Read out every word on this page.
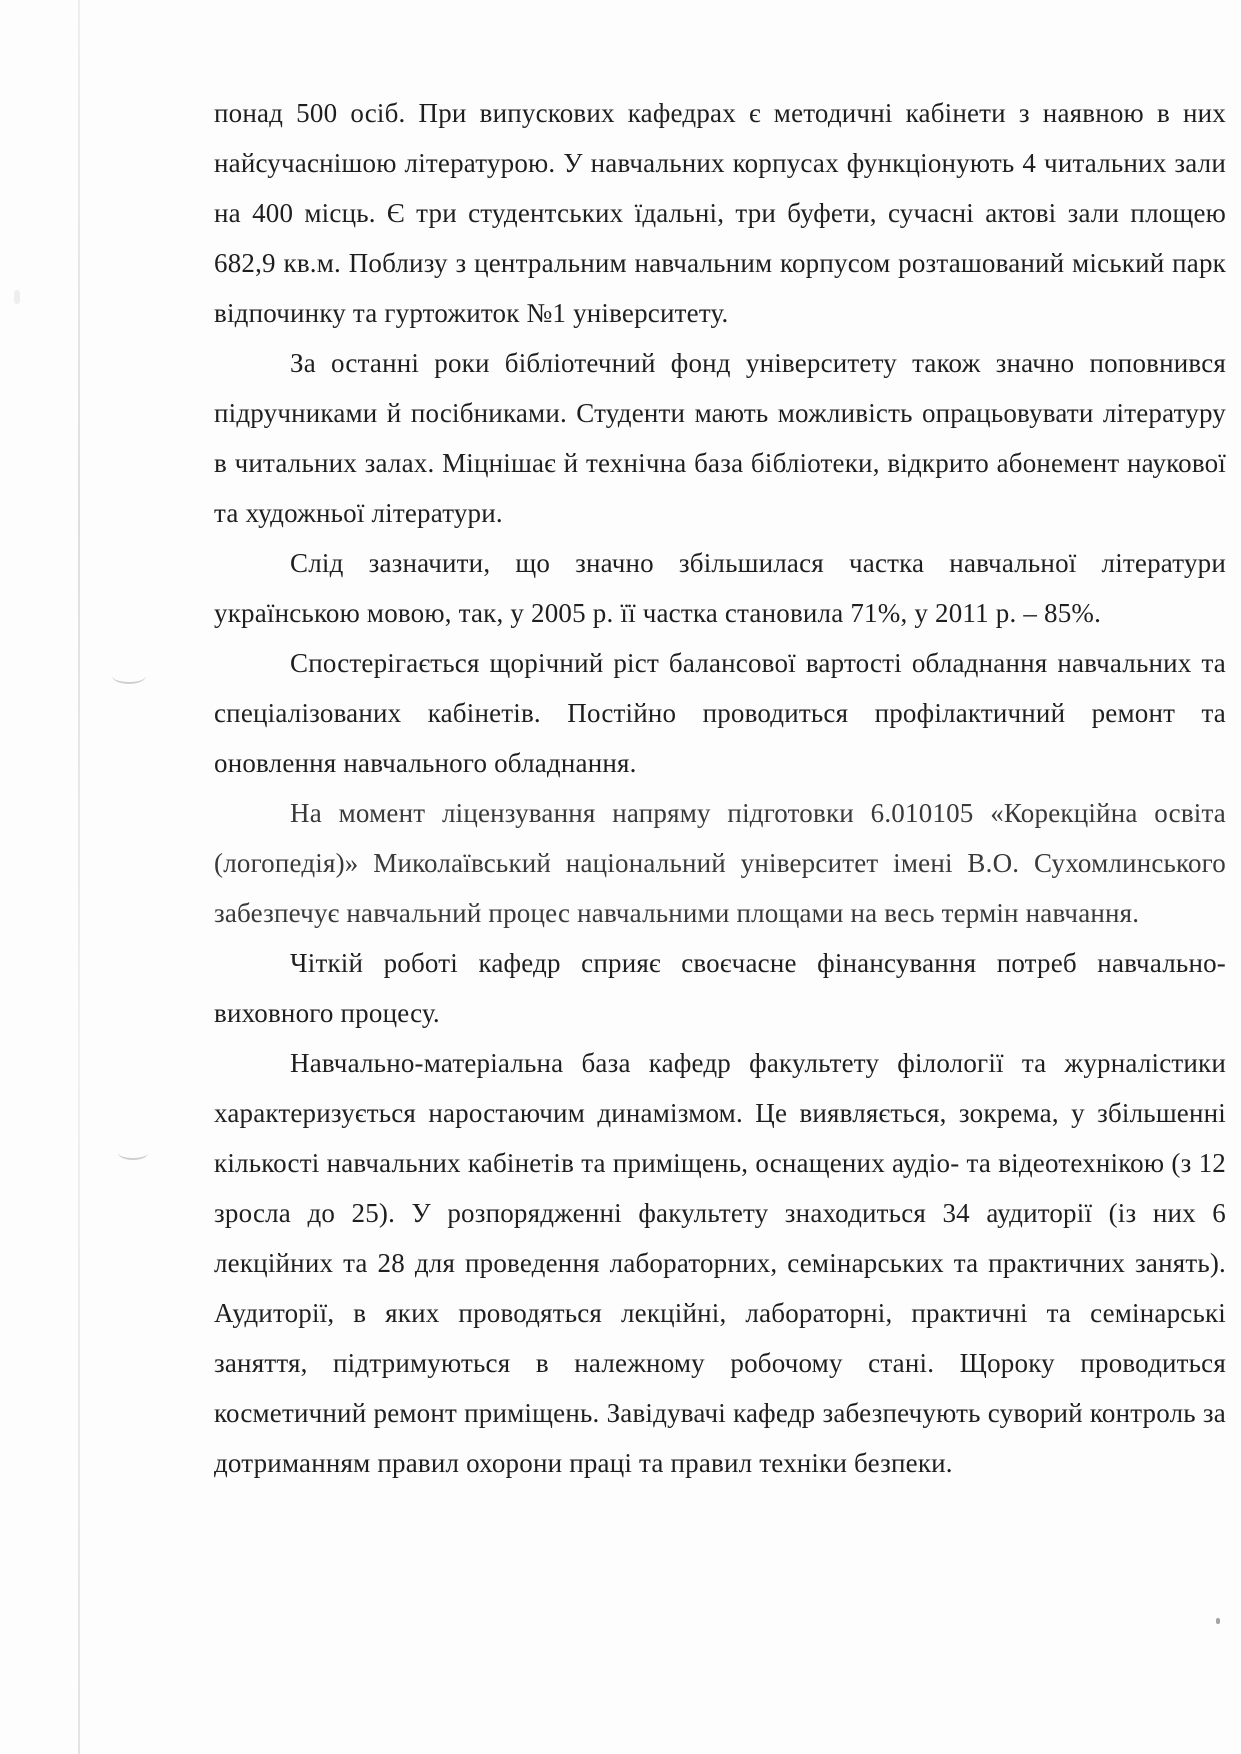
понад 500 осіб. При випускових кафедрах є методичні кабінети з наявною в них найсучаснішою літературою. У навчальних корпусах функціонують 4 читальних зали на 400 місць. Є три студентських їдальні, три буфети, сучасні актові зали площею 682,9 кв.м. Поблизу з центральним навчальним корпусом розташований міський парк відпочинку та гуртожиток №1 університету.

За останні роки бібліотечний фонд університету також значно поповнився підручниками й посібниками. Студенти мають можливість опрацьовувати літературу в читальних залах. Міцнішає й технічна база бібліотеки, відкрито абонемент наукової та художньої літератури.

Слід зазначити, що значно збільшилася частка навчальної літератури українською мовою, так, у 2005 р. її частка становила 71%, у 2011 р. – 85%.

Спостерігається щорічний ріст балансової вартості обладнання навчальних та спеціалізованих кабінетів. Постійно проводиться профілактичний ремонт та оновлення навчального обладнання.

На момент ліцензування напряму підготовки 6.010105 «Корекційна освіта (логопедія)» Миколаївський національний університет імені В.О. Сухомлинського забезпечує навчальний процес навчальними площами на весь термін навчання.

Чіткій роботі кафедр сприяє своєчасне фінансування потреб навчально-виховного процесу.

Навчально-матеріальна база кафедр факультету філології та журналістики характеризується наростаючим динамізмом. Це виявляється, зокрема, у збільшенні кількості навчальних кабінетів та приміщень, оснащених аудіо- та відеотехнікою (з 12 зросла до 25). У розпорядженні факультету знаходиться 34 аудиторії (із них 6 лекційних та 28 для проведення лабораторних, семінарських та практичних занять). Аудиторії, в яких проводяться лекційні, лабораторні, практичні та семінарські заняття, підтримуються в належному робочому стані. Щороку проводиться косметичний ремонт приміщень. Завідувачі кафедр забезпечують суворий контроль за дотриманням правил охорони праці та правил техніки безпеки.
